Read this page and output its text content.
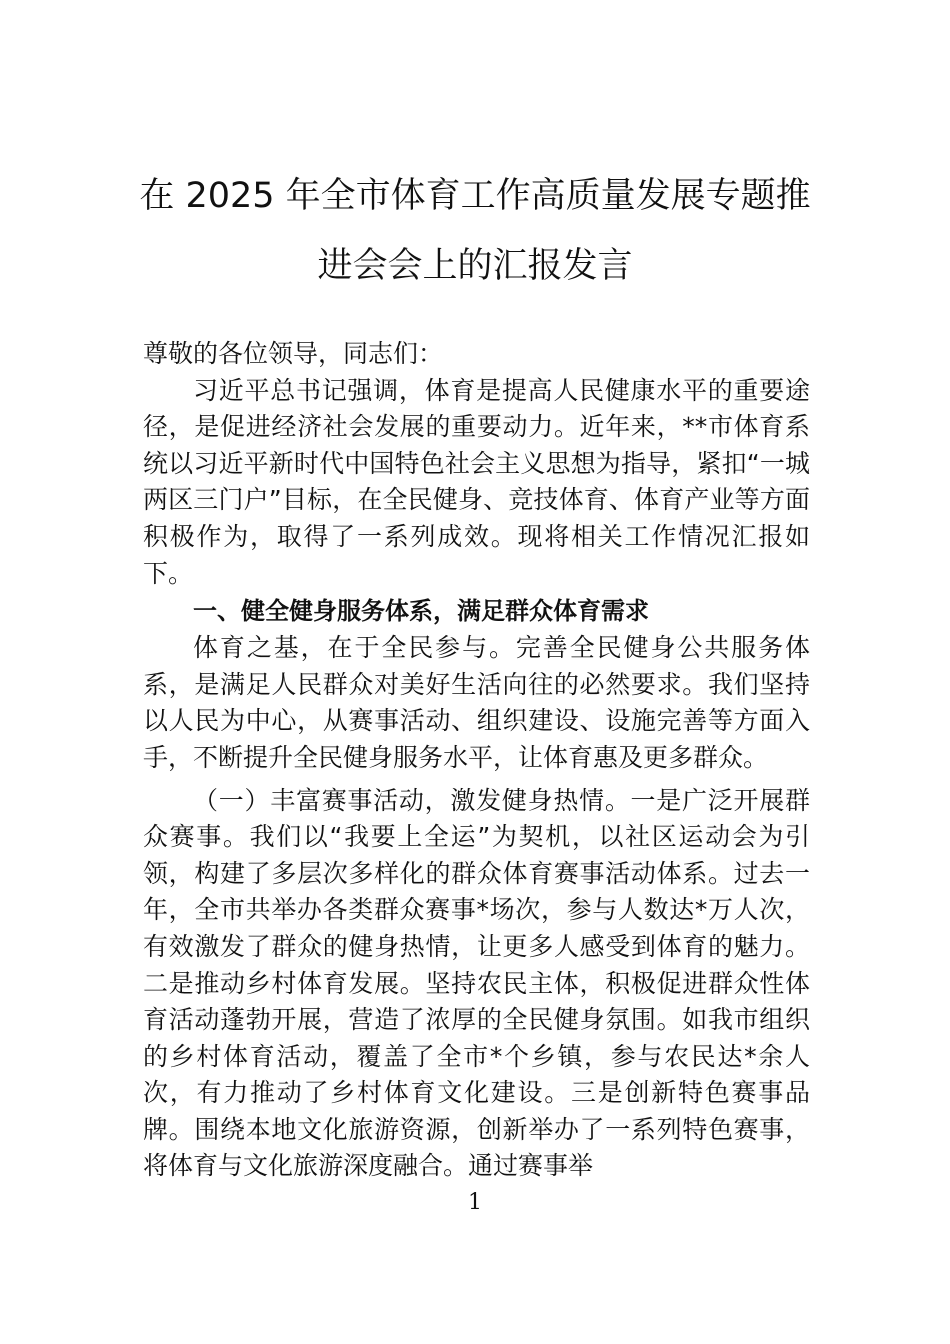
在 2025 年全市体育工作高质量发展专题推
进会会上的汇报发言

尊敬的各位领导，同志们：

习近平总书记强调，体育是提高人民健康水平的重要途径，是促进经济社会发展的重要动力。近年来，**市体育系统以习近平新时代中国特色社会主义思想为指导，紧扣“一城两区三门户”目标，在全民健身、竞技体育、体育产业等方面积极作为，取得了一系列成效。现将相关工作情况汇报如下。

一、健全健身服务体系，满足群众体育需求

体育之基，在于全民参与。完善全民健身公共服务体系，是满足人民群众对美好生活向往的必然要求。我们坚持以人民为中心，从赛事活动、组织建设、设施完善等方面入手，不断提升全民健身服务水平，让体育惠及更多群众。

（一）丰富赛事活动，激发健身热情。一是广泛开展群众赛事。我们以“我要上全运”为契机，以社区运动会为引领，构建了多层次多样化的群众体育赛事活动体系。过去一年，全市共举办各类群众赛事*场次，参与人数达*万人次，有效激发了群众的健身热情，让更多人感受到体育的魅力。二是推动乡村体育发展。坚持农民主体，积极促进群众性体育活动蓬勃开展，营造了浓厚的全民健身氛围。如我市组织的乡村体育活动，覆盖了全市*个乡镇，参与农民达*余人次，有力推动了乡村体育文化建设。三是创新特色赛事品牌。围绕本地文化旅游资源，创新举办了一系列特色赛事，将体育与文化旅游深度融合。通过赛事举

1
